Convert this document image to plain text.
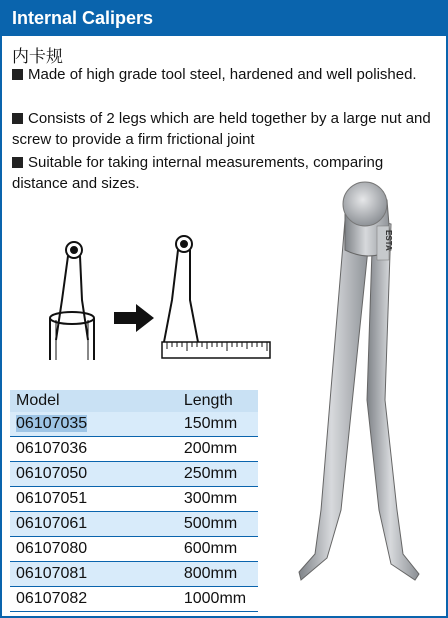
Internal Calipers
内卡规
Made of high grade tool steel, hardened and well polished.
Consists of 2 legs which are held together by a large nut and screw to provide a firm frictional joint
Suitable for taking internal measurements, comparing distance and sizes.
ESTA
Model	Length
06107035	150mm
06107036	200mm
06107050	250mm
06107051	300mm
06107061	500mm
06107080	600mm
06107081	800mm
06107082	1000mm
